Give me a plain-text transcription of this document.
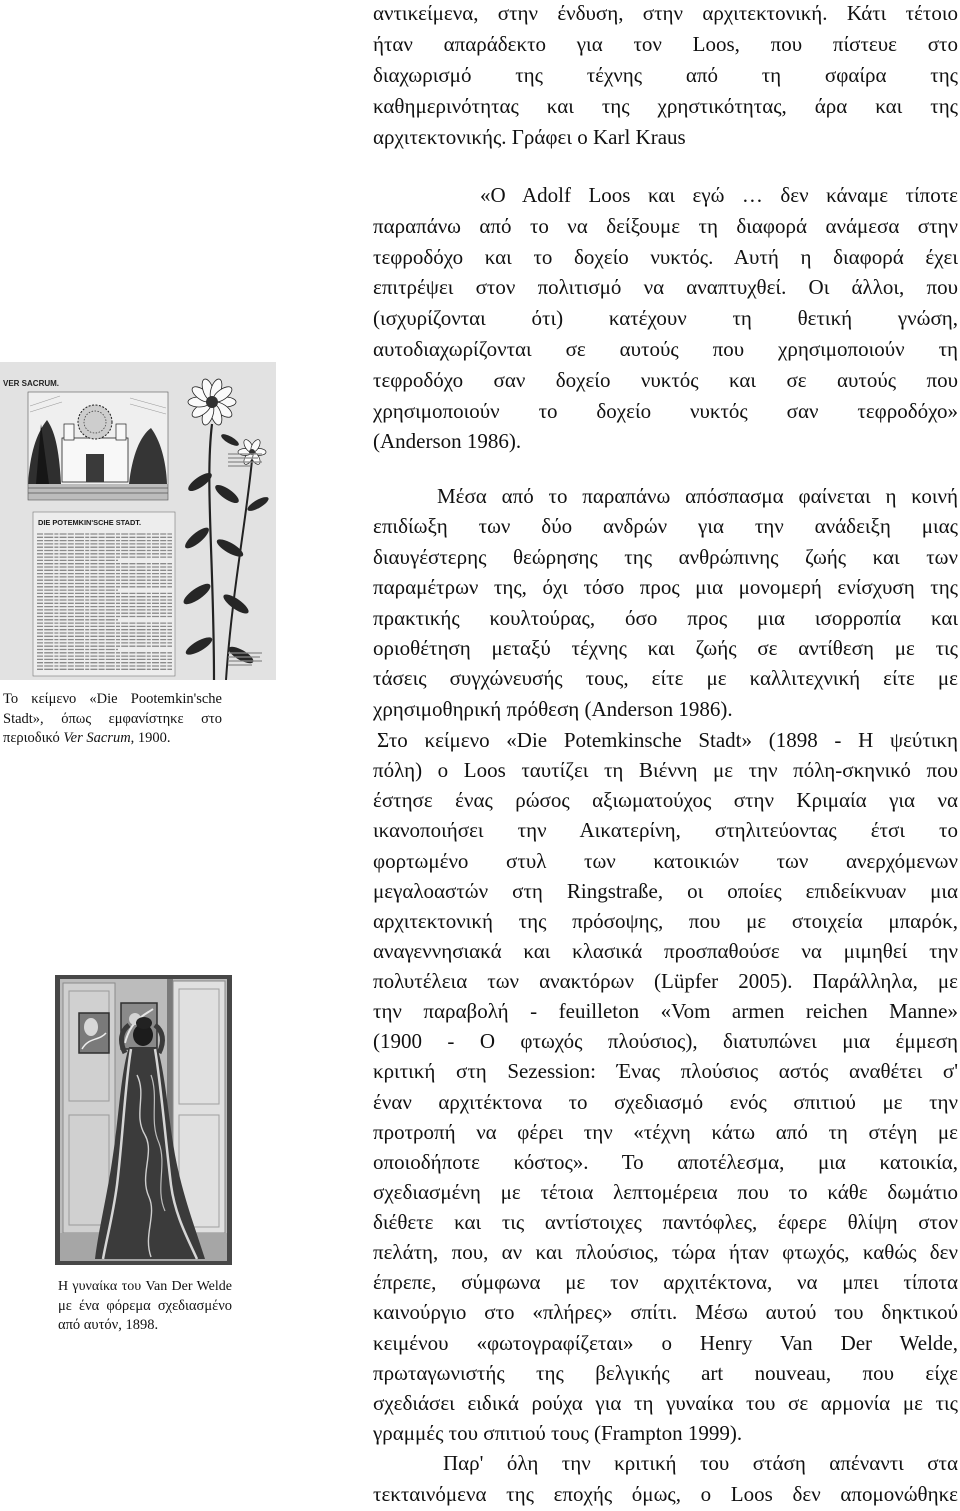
VER SACRUM.
DIE POTEMKIN'SCHE STADT.
Το κείμενο «Die Pootemkin'sche
Stadt», όπως εμφανίστηκε στο
περιοδικό Ver Sacrum, 1900.
Η γυναίκα του Van Der Welde
με ένα φόρεμα σχεδιασμένο
από αυτόν, 1898.
αντικείμενα, στην ένδυση, στην αρχιτεκτονική. Κάτι τέτοιο
ήταν απαράδεκτο για τον Loos, που πίστευε στο
διαχωρισμό της τέχνης από τη σφαίρα της
καθημερινότητας και της χρηστικότητας, άρα και της
αρχιτεκτονικής. Γράφει ο Karl Kraus
«O Adolf Loos και εγώ … δεν κάναμε τίποτε
παραπάνω από το να δείξουμε τη διαφορά ανάμεσα στην
τεφροδόχο και το δοχείο νυκτός. Αυτή η διαφορά έχει
επιτρέψει στον πολιτισμό να αναπτυχθεί. Οι άλλοι, που
(ισχυρίζονται ότι) κατέχουν τη θετική γνώση,
αυτοδιαχωρίζονται σε αυτούς που χρησιμοποιούν τη
τεφροδόχο σαν δοχείο νυκτός και σε αυτούς που
χρησιμοποιούν το δοχείο νυκτός σαν τεφροδόχο»
(Anderson 1986).
Μέσα από το παραπάνω απόσπασμα φαίνεται η κοινή
επιδίωξη των δύο ανδρών για την ανάδειξη μιας
διαυγέστερης θεώρησης της ανθρώπινης ζωής και των
παραμέτρων της, όχι τόσο προς μια μονομερή ενίσχυση της
πρακτικής κουλτούρας, όσο προς μια ισορροπία και
οριοθέτηση μεταξύ τέχνης και ζωής σε αντίθεση με τις
τάσεις συγχώνευσής τους, είτε με καλλιτεχνική είτε με
χρησιμοθηρική πρόθεση (Anderson 1986).
Στο κείμενο «Die Potemkinsche Stadt» (1898 - Η ψεύτικη
πόλη) ο Loos ταυτίζει τη Βιέννη με την πόλη-σκηνικό που
έστησε ένας ρώσος αξιωματούχος στην Κριμαία για να
ικανοποιήσει την Αικατερίνη, στηλιτεύοντας έτσι το
φορτωμένο στυλ των κατοικιών των ανερχόμενων
μεγαλοαστών στη Ringstraße, οι οποίες επιδείκνυαν μια
αρχιτεκτονική της πρόσοψης, που με στοιχεία μπαρόκ,
αναγεννησιακά και κλασικά προσπαθούσε να μιμηθεί την
πολυτέλεια των ανακτόρων (Lüpfer 2005). Παράλληλα, με
την παραβολή - feuilleton «Vom armen reichen Manne»
(1900 - Ο φτωχός πλούσιος), διατυπώνει μια έμμεση
κριτική στη Sezession: Ένας πλούσιος αστός αναθέτει σ'
έναν αρχιτέκτονα το σχεδιασμό ενός σπιτιού με την
προτροπή να φέρει την «τέχνη κάτω από τη στέγη με
οποιοδήποτε κόστος». Το αποτέλεσμα, μια κατοικία,
σχεδιασμένη με τέτοια λεπτομέρεια που το κάθε δωμάτιο
διέθετε και τις αντίστοιχες παντόφλες, έφερε θλίψη στον
πελάτη, που, αν και πλούσιος, τώρα ήταν φτωχός, καθώς δεν
έπρεπε, σύμφωνα με τον αρχιτέκτονα, να μπει τίποτα
καινούργιο στο «πλήρες» σπίτι. Μέσω αυτού του δηκτικού
κειμένου «φωτογραφίζεται» ο Henry Van Der Welde,
πρωταγωνιστής της βελγικής art nouveau, που είχε
σχεδιάσει ειδικά ρούχα για τη γυναίκα του σε αρμονία με τις
γραμμές του σπιτιού τους (Frampton 1999).
Παρ' όλη την κριτική του στάση απέναντι στα
τεκταινόμενα της εποχής όμως, ο Loos δεν απομονώθηκε
